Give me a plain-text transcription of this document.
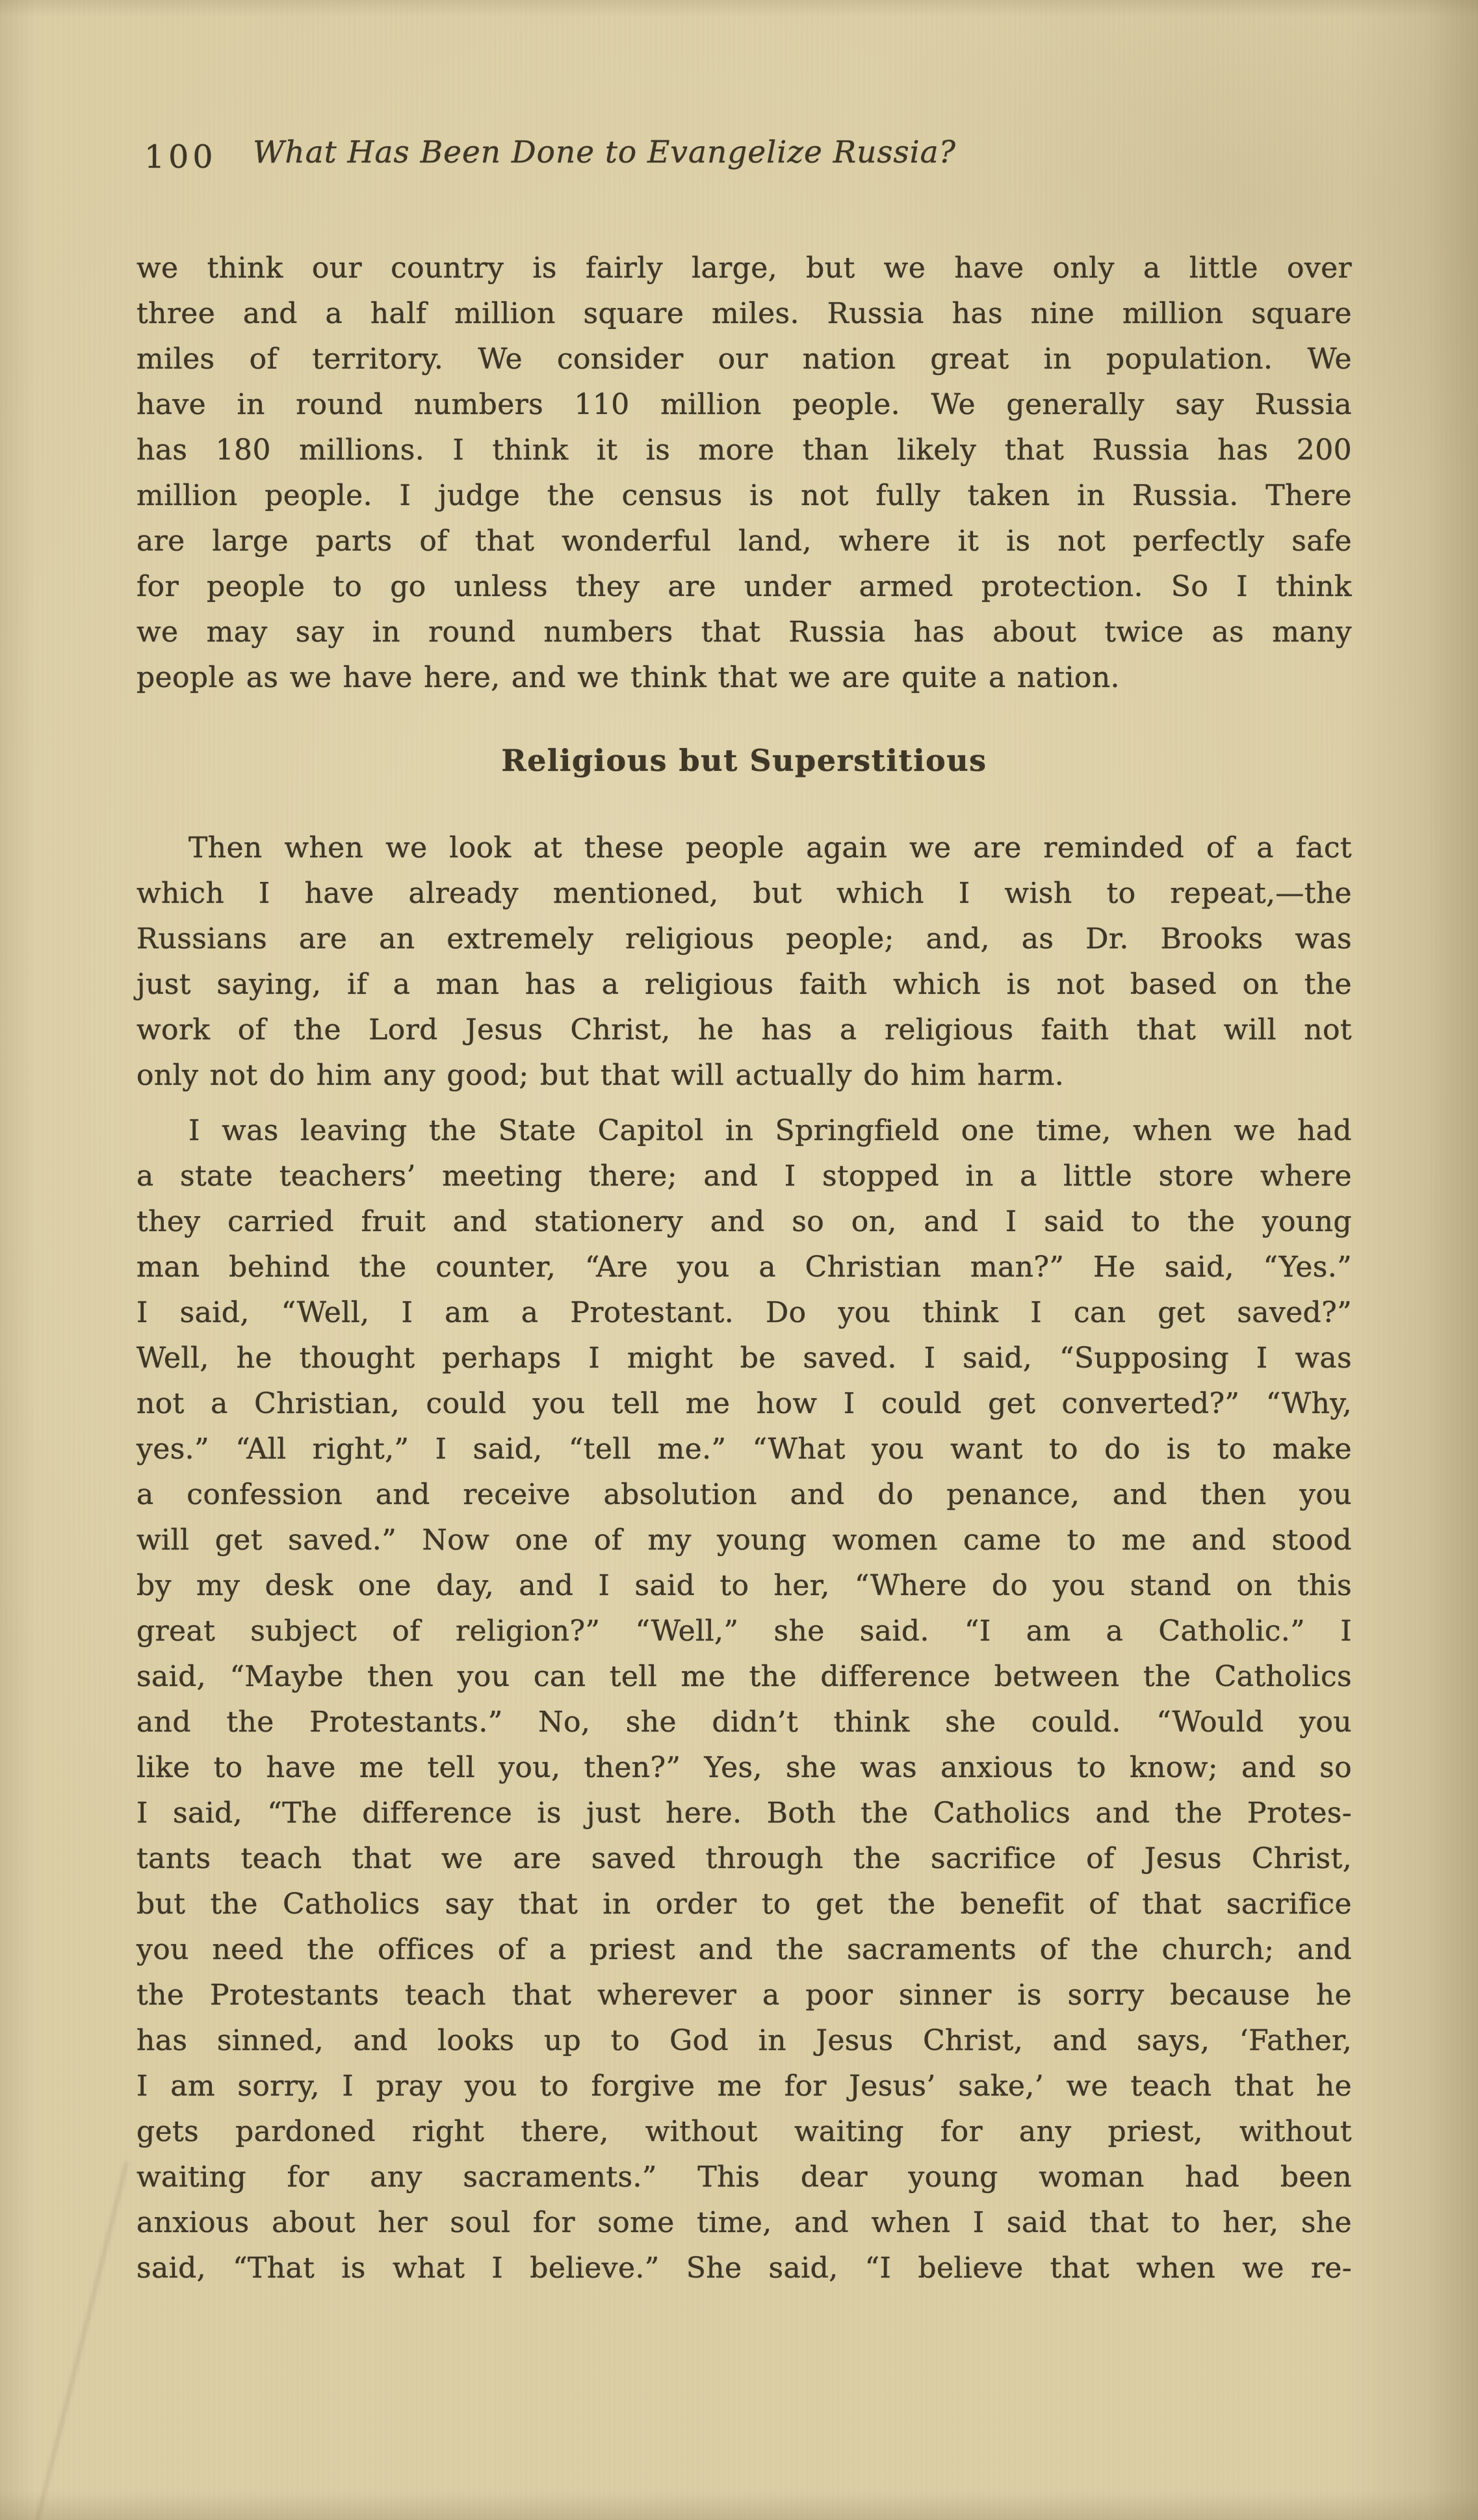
100	What Has Been Done to Evangelize Russia?
we think our country is fairly large, but we have only a little over
three and a half million square miles. Russia has nine million square
miles of territory. We consider our nation great in population. We
have in round numbers 110 million people. We generally say Russia
has 180 millions. I think it is more than likely that Russia has 200
million people. I judge the census is not fully taken in Russia. There
are large parts of that wonderful land, where it is not perfectly safe
for people to go unless they are under armed protection. So I think
we may say in round numbers that Russia has about twice as many
people as we have here, and we think that we are quite a nation.
Religious but Superstitious
Then when we look at these people again we are reminded of a fact
which I have already mentioned, but which I wish to repeat,—the
Russians are an extremely religious people; and, as Dr. Brooks was
just saying, if a man has a religious faith which is not based on the
work of the Lord Jesus Christ, he has a religious faith that will not
only not do him any good; but that will actually do him harm.
I was leaving the State Capitol in Springfield one time, when we had
a state teachers’ meeting there; and I stopped in a little store where
they carried fruit and stationery and so on, and I said to the young
man behind the counter, “Are you a Christian man?” He said, “Yes.”
I said, “Well, I am a Protestant. Do you think I can get saved?”
Well, he thought perhaps I might be saved. I said, “Supposing I was
not a Christian, could you tell me how I could get converted?” “Why,
yes.” “All right,” I said, “tell me.” “What you want to do is to make
a confession and receive absolution and do penance, and then you
will get saved.” Now one of my young women came to me and stood
by my desk one day, and I said to her, “Where do you stand on this
great subject of religion?” “Well,” she said. “I am a Catholic.” I
said, “Maybe then you can tell me the difference between the Catholics
and the Protestants.” No, she didn’t think she could. “Would you
like to have me tell you, then?” Yes, she was anxious to know; and so
I said, “The difference is just here. Both the Catholics and the Protes-
tants teach that we are saved through the sacrifice of Jesus Christ,
but the Catholics say that in order to get the benefit of that sacrifice
you need the offices of a priest and the sacraments of the church; and
the Protestants teach that wherever a poor sinner is sorry because he
has sinned, and looks up to God in Jesus Christ, and says, ‘Father,
I am sorry, I pray you to forgive me for Jesus’ sake,’ we teach that he
gets pardoned right there, without waiting for any priest, without
waiting for any sacraments.” This dear young woman had been
anxious about her soul for some time, and when I said that to her, she
said, “That is what I believe.” She said, “I believe that when we re-
